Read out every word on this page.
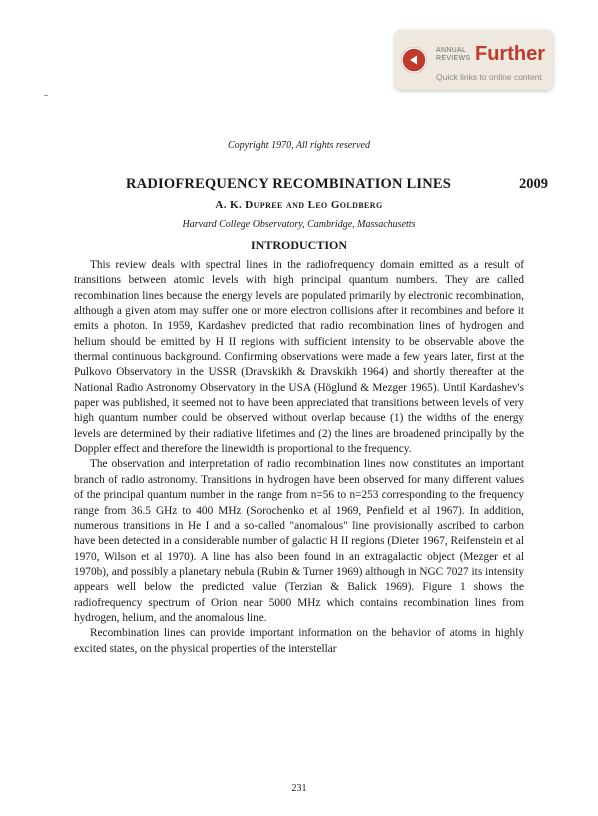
ANNUAL
REVIEWS Further
Quick links to online content
Copyright 1970, All rights reserved
RADIOFREQUENCY RECOMBINATION LINES	2009
A. K. Dupree and Leo Goldberg
Harvard College Observatory, Cambridge, Massachusetts
INTRODUCTION

This review deals with spectral lines in the radiofrequency domain emitted as a result of transitions between atomic levels with high principal quantum numbers. They are called recombination lines because the energy levels are populated primarily by electronic recombination, although a given atom may suffer one or more electron collisions after it recombines and before it emits a photon. In 1959, Kardashev predicted that radio recombination lines of hydrogen and helium should be emitted by H II regions with sufficient intensity to be observable above the thermal continuous background. Confirming observations were made a few years later, first at the Pulkovo Observatory in the USSR (Dravskikh & Dravskikh 1964) and shortly thereafter at the National Radio Astronomy Observatory in the USA (Höglund & Mezger 1965). Until Kardashev's paper was published, it seemed not to have been appreciated that transitions between levels of very high quantum number could be observed without overlap because (1) the widths of the energy levels are determined by their radiative lifetimes and (2) the lines are broadened principally by the Doppler effect and therefore the linewidth is proportional to the frequency.

The observation and interpretation of radio recombination lines now constitutes an important branch of radio astronomy. Transitions in hydrogen have been observed for many different values of the principal quantum number in the range from n=56 to n=253 corresponding to the frequency range from 36.5 GHz to 400 MHz (Sorochenko et al 1969, Penfield et al 1967). In addition, numerous transitions in He I and a so-called "anomalous" line provisionally ascribed to carbon have been detected in a considerable number of galactic H II regions (Dieter 1967, Reifenstein et al 1970, Wilson et al 1970). A line has also been found in an extragalactic object (Mezger et al 1970b), and possibly a planetary nebula (Rubin & Turner 1969) although in NGC 7027 its intensity appears well below the predicted value (Terzian & Balick 1969). Figure 1 shows the radiofrequency spectrum of Orion near 5000 MHz which contains recombination lines from hydrogen, helium, and the anomalous line.

Recombination lines can provide important information on the behavior of atoms in highly excited states, on the physical properties of the interstellar

231
